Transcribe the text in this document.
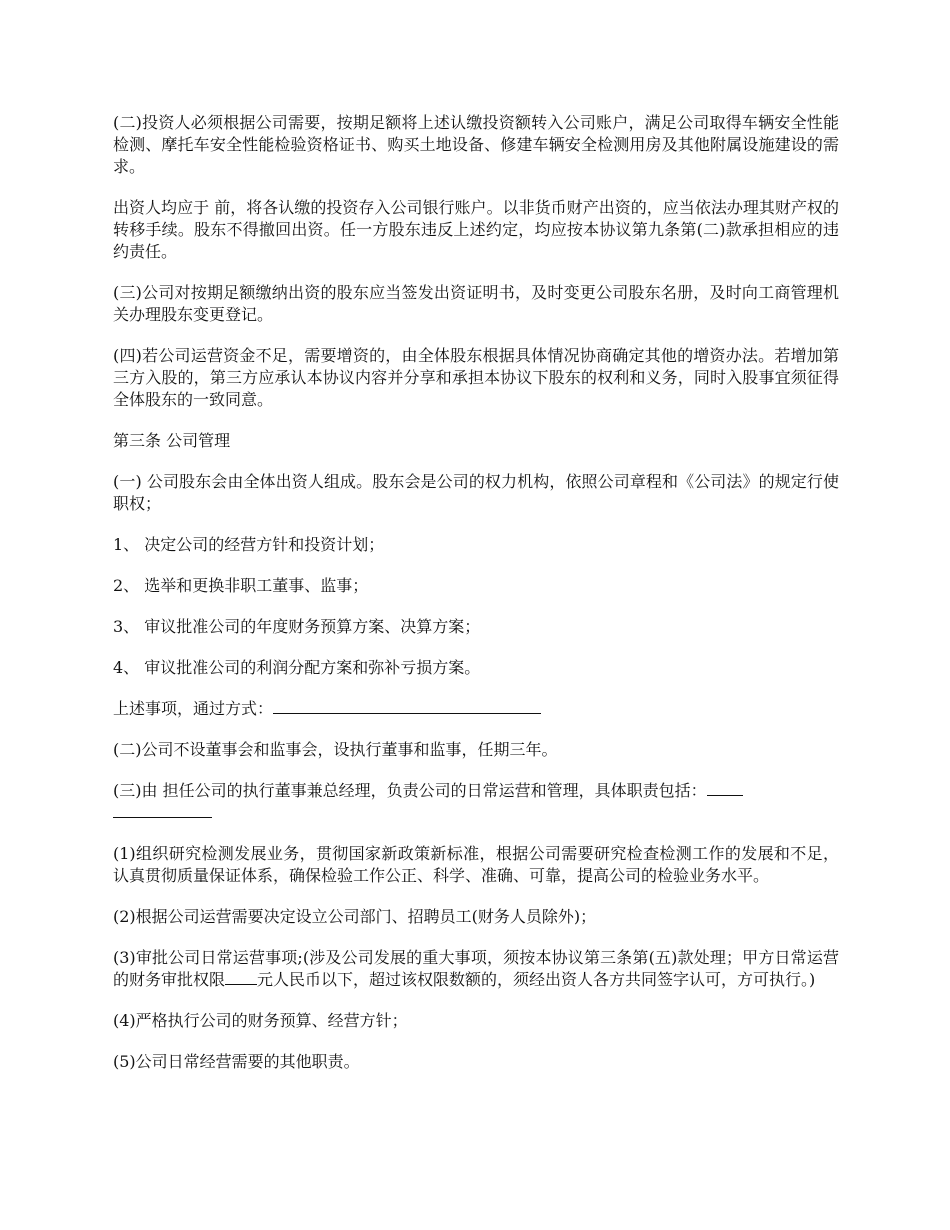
(二)投资人必须根据公司需要，按期足额将上述认缴投资额转入公司账户，满足公司取得车辆安全性能检测、摩托车安全性能检验资格证书、购买土地设备、修建车辆安全检测用房及其他附属设施建设的需求。

出资人均应于 前，将各认缴的投资存入公司银行账户。以非货币财产出资的，应当依法办理其财产权的转移手续。股东不得撤回出资。任一方股东违反上述约定，均应按本协议第九条第(二)款承担相应的违约责任。

(三)公司对按期足额缴纳出资的股东应当签发出资证明书，及时变更公司股东名册，及时向工商管理机关办理股东变更登记。

(四)若公司运营资金不足，需要增资的，由全体股东根据具体情况协商确定其他的增资办法。若增加第三方入股的，第三方应承认本协议内容并分享和承担本协议下股东的权利和义务，同时入股事宜须征得全体股东的一致同意。

第三条 公司管理

(一) 公司股东会由全体出资人组成。股东会是公司的权力机构，依照公司章程和《公司法》的规定行使职权；

1、 决定公司的经营方针和投资计划；

2、 选举和更换非职工董事、监事；

3、 审议批准公司的年度财务预算方案、决算方案；

4、 审议批准公司的利润分配方案和弥补亏损方案。

上述事项，通过方式：

(二)公司不设董事会和监事会，设执行董事和监事，任期三年。

(三)由 担任公司的执行董事兼总经理，负责公司的日常运营和管理，具体职责包括：

(1)组织研究检测发展业务，贯彻国家新政策新标准，根据公司需要研究检查检测工作的发展和不足，认真贯彻质量保证体系，确保检验工作公正、科学、准确、可靠，提高公司的检验业务水平。

(2)根据公司运营需要决定设立公司部门、招聘员工(财务人员除外)；

(3)审批公司日常运营事项;(涉及公司发展的重大事项，须按本协议第三条第(五)款处理；甲方日常运营的财务审批权限 元人民币以下，超过该权限数额的，须经出资人各方共同签字认可，方可执行。)

(4)严格执行公司的财务预算、经营方针；

(5)公司日常经营需要的其他职责。
